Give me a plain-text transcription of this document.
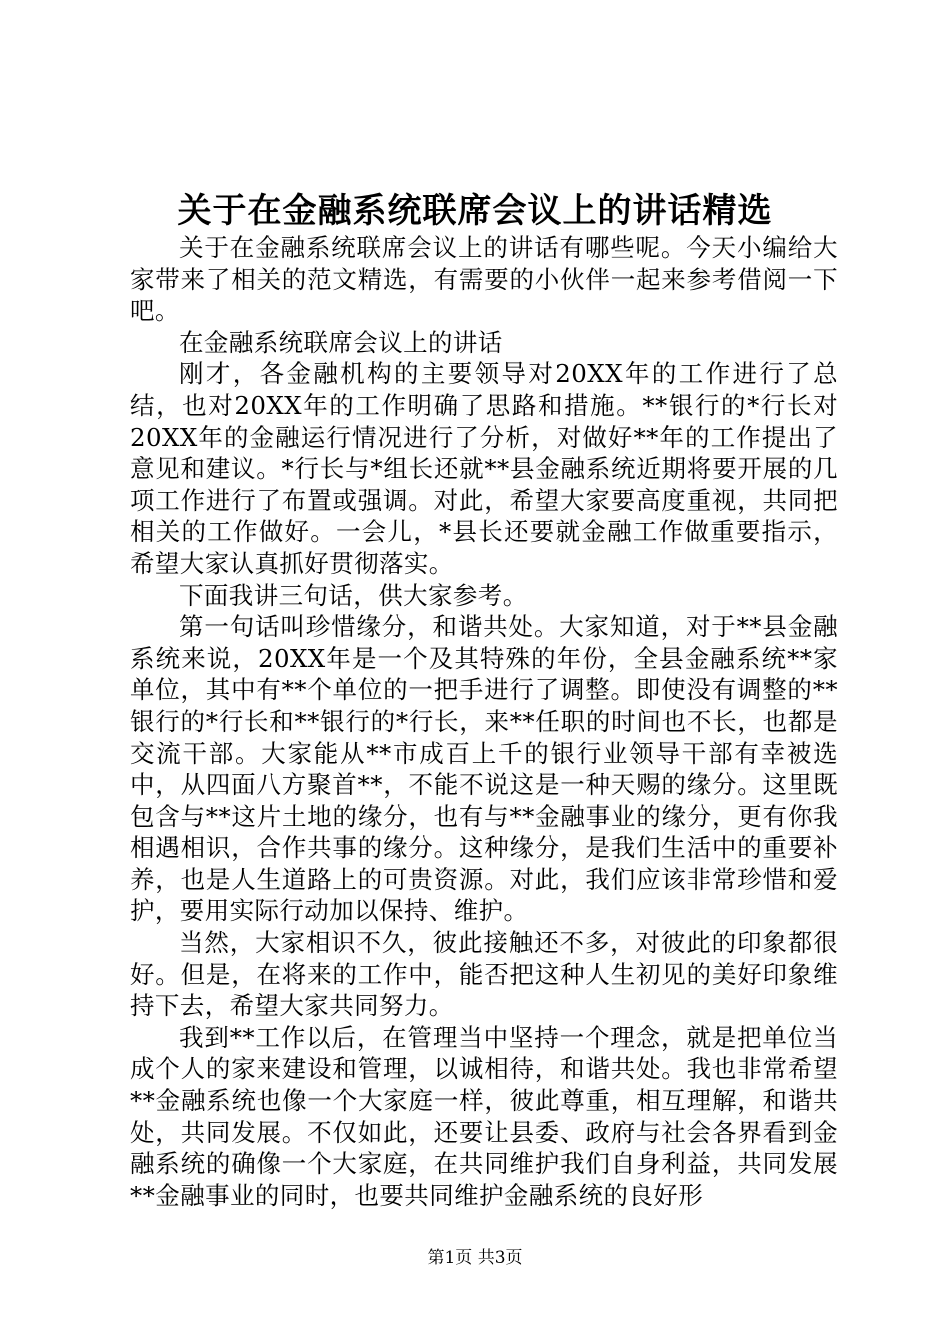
关于在金融系统联席会议上的讲话精选

关于在金融系统联席会议上的讲话有哪些呢。今天小编给大家带来了相关的范文精选，有需要的小伙伴一起来参考借阅一下吧。

在金融系统联席会议上的讲话

刚才，各金融机构的主要领导对20XX年的工作进行了总结，也对20XX年的工作明确了思路和措施。**银行的*行长对20XX年的金融运行情况进行了分析，对做好**年的工作提出了意见和建议。*行长与*组长还就**县金融系统近期将要开展的几项工作进行了布置或强调。对此，希望大家要高度重视，共同把相关的工作做好。一会儿，*县长还要就金融工作做重要指示，希望大家认真抓好贯彻落实。

下面我讲三句话，供大家参考。

第一句话叫珍惜缘分，和谐共处。大家知道，对于**县金融系统来说，20XX年是一个及其特殊的年份，全县金融系统**家单位，其中有**个单位的一把手进行了调整。即使没有调整的**银行的*行长和**银行的*行长，来**任职的时间也不长，也都是交流干部。大家能从**市成百上千的银行业领导干部有幸被选中，从四面八方聚首**，不能不说这是一种天赐的缘分。这里既包含与**这片土地的缘分，也有与**金融事业的缘分，更有你我相遇相识，合作共事的缘分。这种缘分，是我们生活中的重要补养，也是人生道路上的可贵资源。对此，我们应该非常珍惜和爱护，要用实际行动加以保持、维护。

当然，大家相识不久，彼此接触还不多，对彼此的印象都很好。但是，在将来的工作中，能否把这种人生初见的美好印象维持下去，希望大家共同努力。

我到**工作以后，在管理当中坚持一个理念，就是把单位当成个人的家来建设和管理，以诚相待，和谐共处。我也非常希望**金融系统也像一个大家庭一样，彼此尊重，相互理解，和谐共处，共同发展。不仅如此，还要让县委、政府与社会各界看到金融系统的确像一个大家庭，在共同维护我们自身利益，共同发展**金融事业的同时，也要共同维护金融系统的良好形

第1页 共3页
